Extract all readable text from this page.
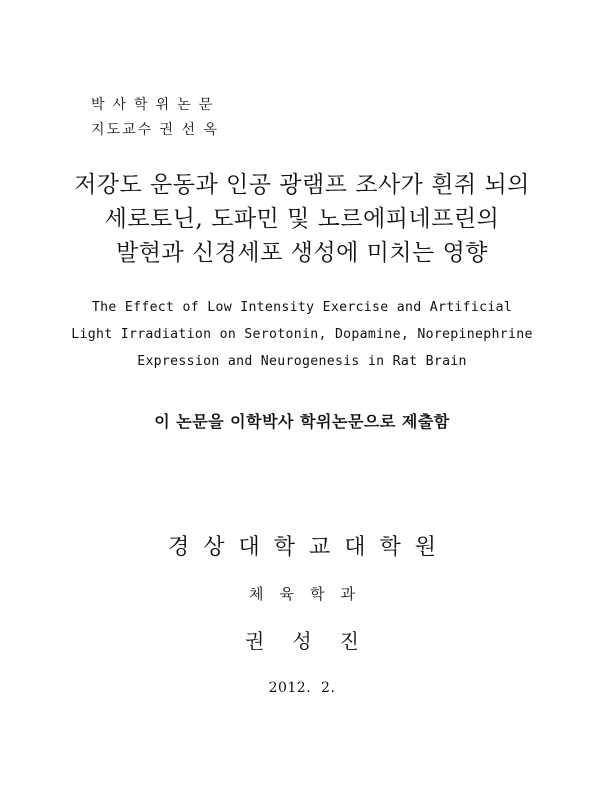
박사학위논문
지도교수 권 선 옥
저강도 운동과 인공 광램프 조사가 흰쥐 뇌의
세로토닌, 도파민 및 노르에피네프린의
발현과 신경세포 생성에 미치는 영향
The Effect of Low Intensity Exercise and Artificial
Light Irradiation on Serotonin, Dopamine, Norepinephrine
Expression and Neurogenesis in Rat Brain
이 논문을 이학박사 학위논문으로 제출함
경상대학교대학원
체육학과
권성진
2012.  2.
